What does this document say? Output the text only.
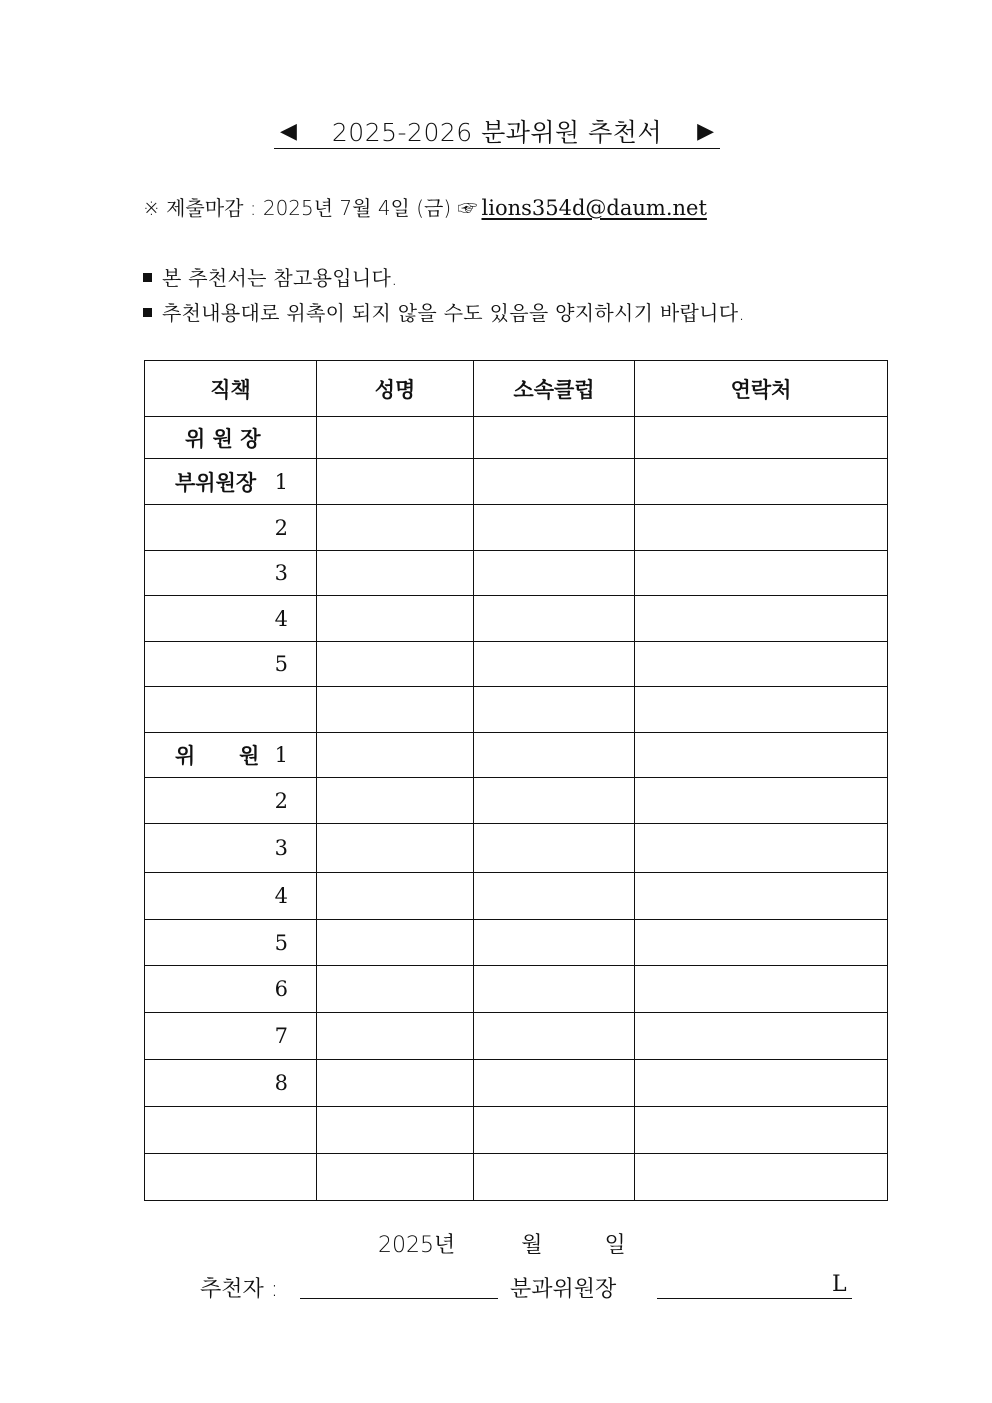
◀	2025-2026 분과위원 추천서	▶
※ 제출마감 : 2025년 7월 4일 (금) ☞ lions354d@daum.net
본 추천서는 참고용입니다.
추천내용대로 위촉이 되지 않을 수도 있음을 양지하시기 바랍니다.
직책	성명	소속클럽	연락처

위 원 장			

부위원장 1			

2			

3			

4			

5			

위      원 1			

2			

3			

4			

5			

6			

7			

8			

2025년	월	일
추천자 :	분과위원장	L
